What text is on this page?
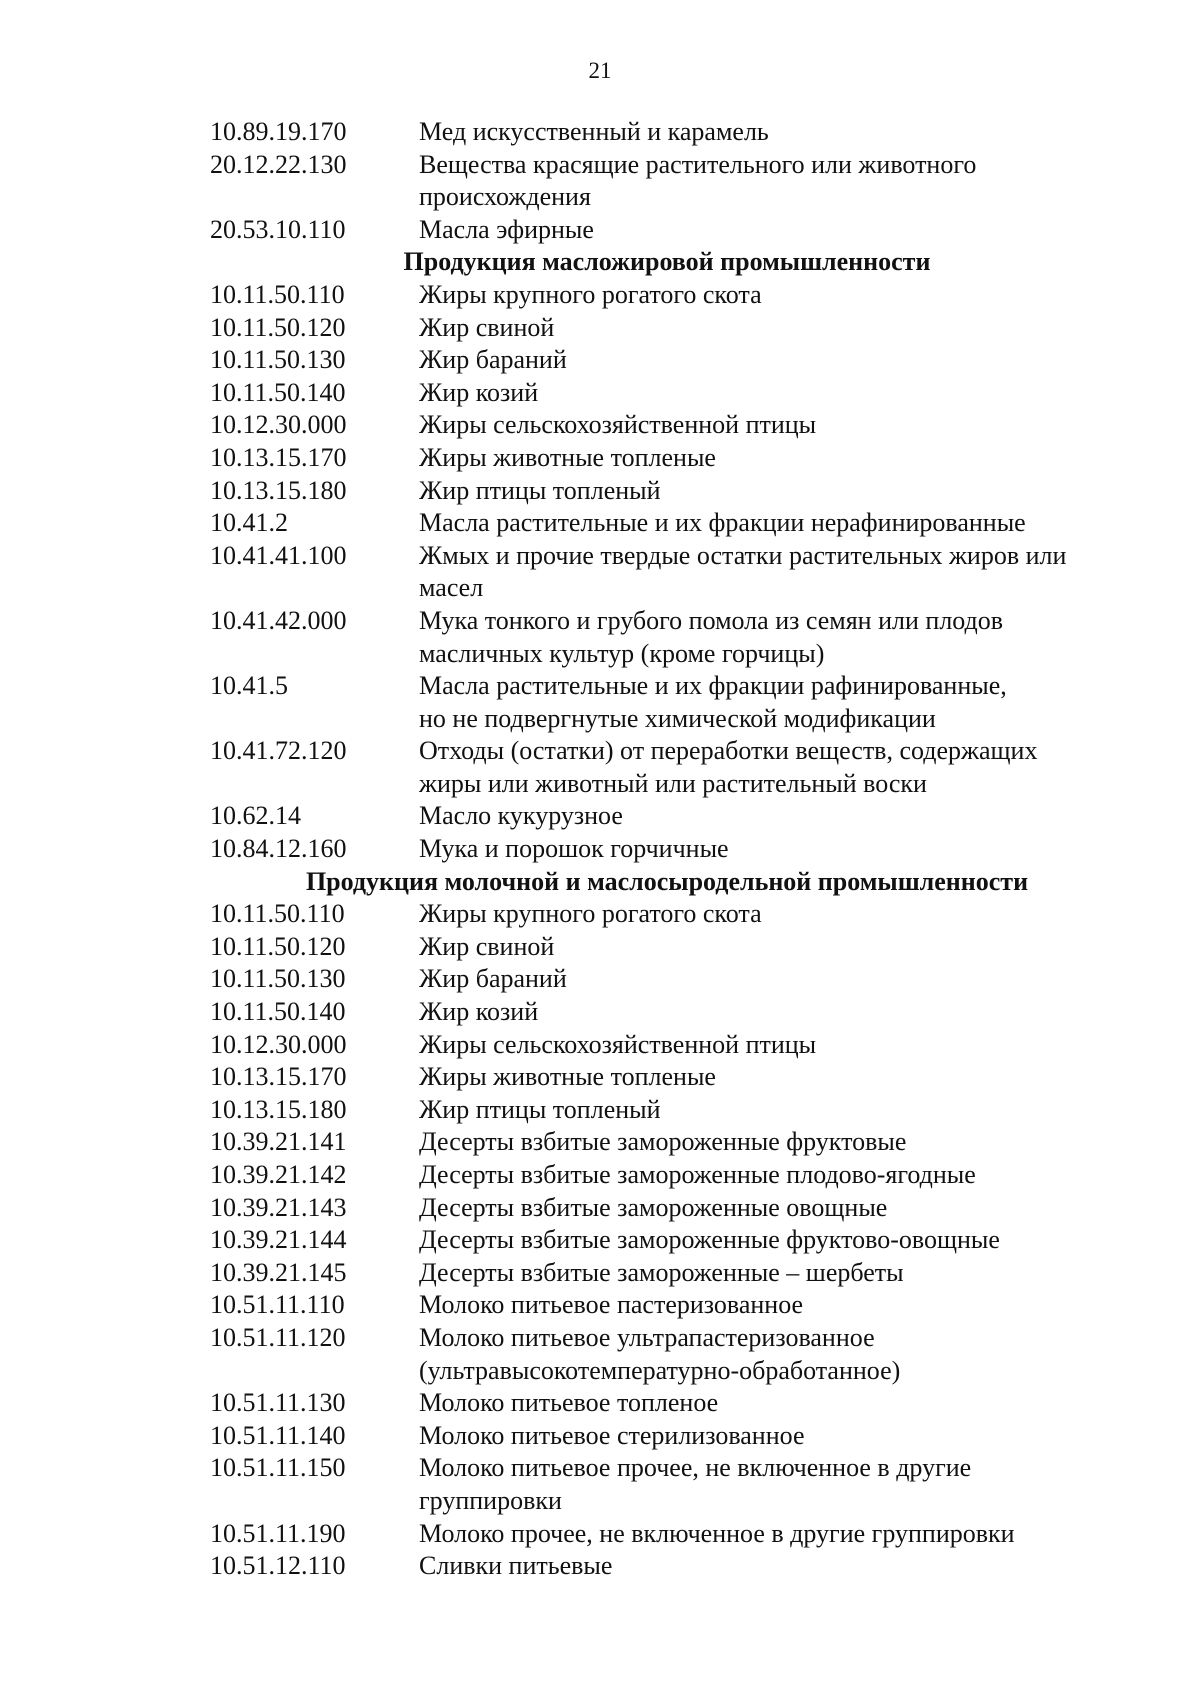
21
10.89.19.170	Мед искусственный и карамель
20.12.22.130	Вещества красящие растительного или животного
происхождения
20.53.10.110	Масла эфирные
Продукция масложировой промышленности
10.11.50.110	Жиры крупного рогатого скота
10.11.50.120	Жир свиной
10.11.50.130	Жир бараний
10.11.50.140	Жир козий
10.12.30.000	Жиры сельскохозяйственной птицы
10.13.15.170	Жиры животные топленые
10.13.15.180	Жир птицы топленый
10.41.2	Масла растительные и их фракции нерафинированные
10.41.41.100	Жмых и прочие твердые остатки растительных жиров или
масел
10.41.42.000	Мука тонкого и грубого помола из семян или плодов
масличных культур (кроме горчицы)
10.41.5	Масла растительные и их фракции рафинированные,
но не подвергнутые химической модификации
10.41.72.120	Отходы (остатки) от переработки веществ, содержащих
жиры или животный или растительный воски
10.62.14	Масло кукурузное
10.84.12.160	Мука и порошок горчичные
Продукция молочной и маслосыродельной промышленности
10.11.50.110	Жиры крупного рогатого скота
10.11.50.120	Жир свиной
10.11.50.130	Жир бараний
10.11.50.140	Жир козий
10.12.30.000	Жиры сельскохозяйственной птицы
10.13.15.170	Жиры животные топленые
10.13.15.180	Жир птицы топленый
10.39.21.141	Десерты взбитые замороженные фруктовые
10.39.21.142	Десерты взбитые замороженные плодово-ягодные
10.39.21.143	Десерты взбитые замороженные овощные
10.39.21.144	Десерты взбитые замороженные фруктово-овощные
10.39.21.145	Десерты взбитые замороженные – шербеты
10.51.11.110	Молоко питьевое пастеризованное
10.51.11.120	Молоко питьевое ультрапастеризованное
(ультравысокотемпературно-обработанное)
10.51.11.130	Молоко питьевое топленое
10.51.11.140	Молоко питьевое стерилизованное
10.51.11.150	Молоко питьевое прочее, не включенное в другие
группировки
10.51.11.190	Молоко прочее, не включенное в другие группировки
10.51.12.110	Сливки питьевые
